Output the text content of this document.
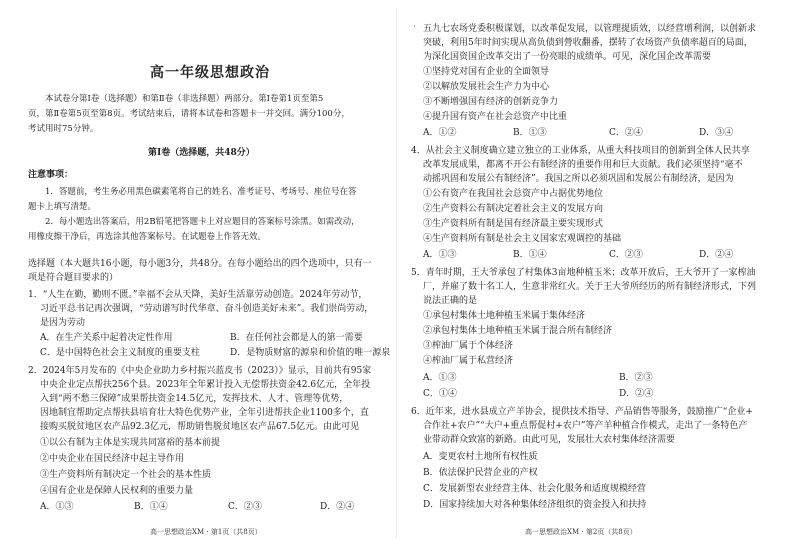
高一年级思想政治
本试卷分第Ⅰ卷（选择题）和第Ⅱ卷（非选择题）两部分。第Ⅰ卷第1页至第5
页，第Ⅱ卷第5页至第8页。考试结束后，请将本试卷和答题卡一并交回。满分100分，
考试用时75分钟。
第Ⅰ卷（选择题，共48分）
注意事项：
1．答题前，考生务必用黑色碳素笔将自己的姓名、准考证号、考场号、座位号在答
题卡上填写清楚。
2．每小题选出答案后，用2B铅笔把答题卡上对应题目的答案标号涂黑。如需改动，
用橡皮擦干净后，再选涂其他答案标号。在试题卷上作答无效。
选择题（本大题共16小题，每小题3分，共48分。在每小题给出的四个选项中，只有一
项是符合题目要求的）
1．“人生在勤，勤则不匮。”幸福不会从天降，美好生活靠劳动创造。2024年劳动节，
习近平总书记再次强调，“劳动谱写时代华章、奋斗创造美好未来”。我们崇尚劳动，
是因为劳动
A．在生产关系中起着决定性作用	B．在任何社会都是人的第一需要
C．是中国特色社会主义制度的重要支柱	D．是物质财富的源泉和价值的唯一源泉
2．2024年5月发布的《中央企业助力乡村振兴蓝皮书（2023）》显示，目前共有95家
中央企业定点帮扶256个县。2023年全年累计投入无偿帮扶资金42.6亿元，全年投
入到“两不愁三保障”成果帮扶资金14.5亿元，发挥技术、人才、管理等优势，
因地制宜帮助定点帮扶县培育壮大特色优势产业，全年引进帮扶企业1100多个，直
接购买脱贫地区农产品92.3亿元，帮助销售脱贫地区农产品67.5亿元。由此可见
①以公有制为主体是实现共同富裕的基本前提
②中央企业在国民经济中起主导作用
③生产资料所有制决定一个社会的基本性质
④国有企业是保障人民权利的重要力量
A．①③	B．①④	C．②③	D．②④
高一思想政治XM · 第1页（共8页）
· 五九七农场党委积极谋划，以改革促发展，以管理提质效，以经营增利润，以创新求
突破，利用5年时间实现从高负债到營收翻番，摆转了农场资产负债率超百的局面，
为深化国资国企改革交出了一份亮眼的成绩单。可见，深化国企改革需要
①坚持党对国有企业的全面领导
②以解放发展社会生产力为中心
③不断增强国有经济的创新竞争力
④提升国有资产在社会总资产中比重
A．①②	B．①③	C．②④	D．③④
4．从社会主义制度确立建立独立的工业体系，从重大科技项目的创新到全体人民共享
改革发展成果，都离不开公有制经济的重要作用和巨大贡献。我们必须坚持“毫不
动摇巩固和发展公有制经济”。我国之所以必须巩固和发展公有制经济，是因为
①公有资产在我国社会总资产中占据优势地位
②生产资料公有制决定着社会主义的发展方向
③生产资料所有制是国有经济最主要实现形式
④生产资料所有制是社会主义国家宏观调控的基础
A．①③	B．①④	C．②③	D．②④
5．青年时期，王大爷承包了村集体3亩地种植玉米；改革开放后，王大爷开了一家榨油
厂，并雇了数十名工人，生意非常红火。关于王大爷所经历的所有制经济形式，下列
说法正确的是
①承包村集体土地种植玉米属于集体经济
②承包村集体土地种植玉米属于混合所有制经济
③榨油厂属于个体经济
④榨油厂属于私营经济
A．①③	B．②③
C．①④	D．②④
6．近年来，进水县成立产羊协会，提供技术指导、产品销售等服务，鼓励推广“企业+
合作社+农户”“大户+重点帮促村+农户”等产羊种植合作模式，走出了一条特色产
业带动群众致富的新路。由此可见，发展壮大农村集体经济需要
A．变更农村土地所有权性质
B．依法保护民营企业的产权
C．发展新型农业经营主体、社会化服务和适度规模经营
D．国家持续加大对各种集体经济组织的资金投入和扶持
高一思想政治XM · 第2页（共8页）
